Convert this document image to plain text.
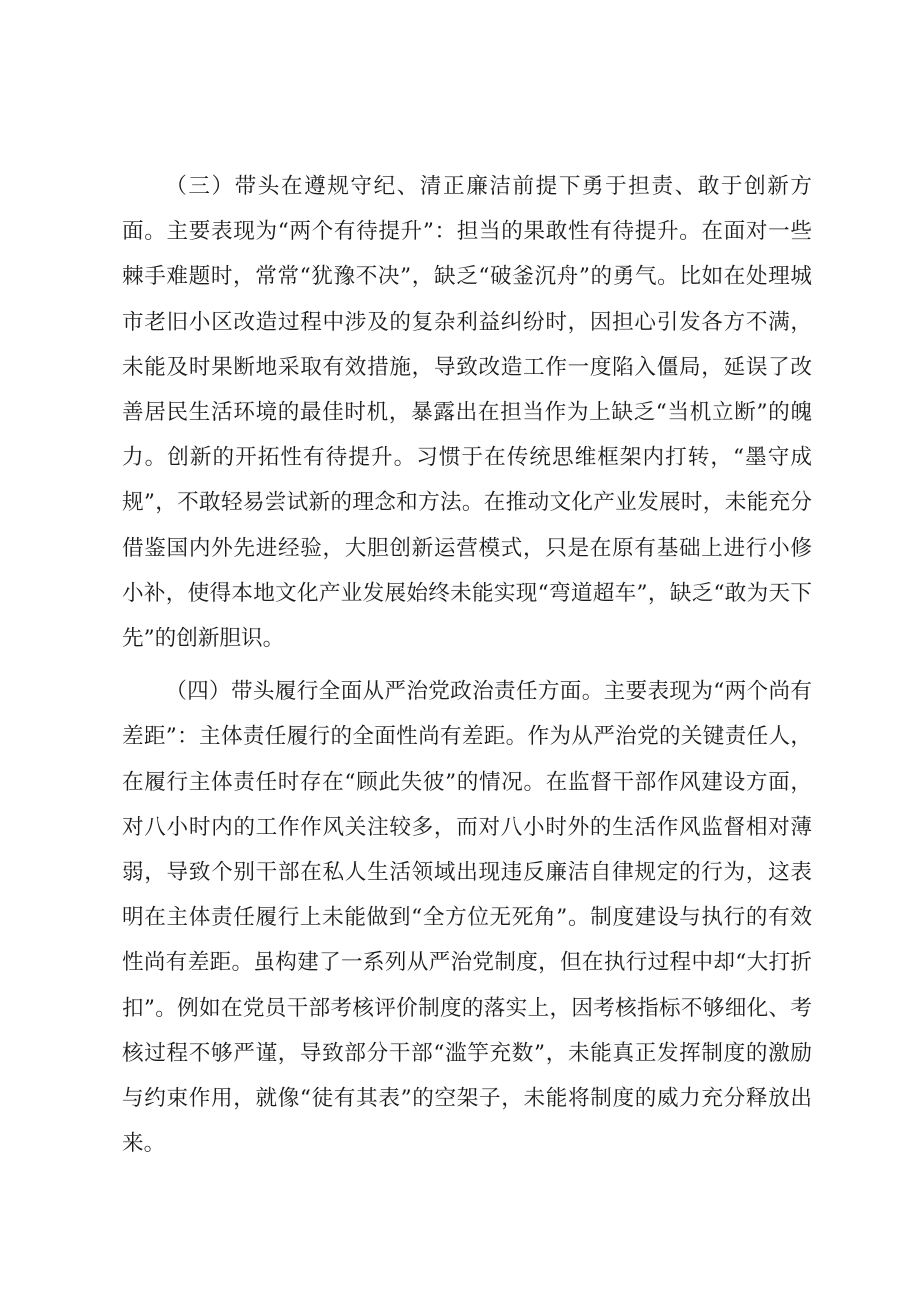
（三）带头在遵规守纪、清正廉洁前提下勇于担责、敢于创新方面。主要表现为“两个有待提升”：担当的果敢性有待提升。在面对一些棘手难题时，常常“犹豫不决”，缺乏“破釜沉舟”的勇气。比如在处理城市老旧小区改造过程中涉及的复杂利益纠纷时，因担心引发各方不满，未能及时果断地采取有效措施，导致改造工作一度陷入僵局，延误了改善居民生活环境的最佳时机，暴露出在担当作为上缺乏“当机立断”的魄力。创新的开拓性有待提升。习惯于在传统思维框架内打转，“墨守成规”，不敢轻易尝试新的理念和方法。在推动文化产业发展时，未能充分借鉴国内外先进经验，大胆创新运营模式，只是在原有基础上进行小修小补，使得本地文化产业发展始终未能实现“弯道超车”，缺乏“敢为天下先”的创新胆识。

（四）带头履行全面从严治党政治责任方面。主要表现为“两个尚有差距”：主体责任履行的全面性尚有差距。作为从严治党的关键责任人，在履行主体责任时存在“顾此失彼”的情况。在监督干部作风建设方面，对八小时内的工作作风关注较多，而对八小时外的生活作风监督相对薄弱，导致个别干部在私人生活领域出现违反廉洁自律规定的行为，这表明在主体责任履行上未能做到“全方位无死角”。制度建设与执行的有效性尚有差距。虽构建了一系列从严治党制度，但在执行过程中却“大打折扣”。例如在党员干部考核评价制度的落实上，因考核指标不够细化、考核过程不够严谨，导致部分干部“滥竽充数”，未能真正发挥制度的激励与约束作用，就像“徒有其表”的空架子，未能将制度的威力充分释放出来。
